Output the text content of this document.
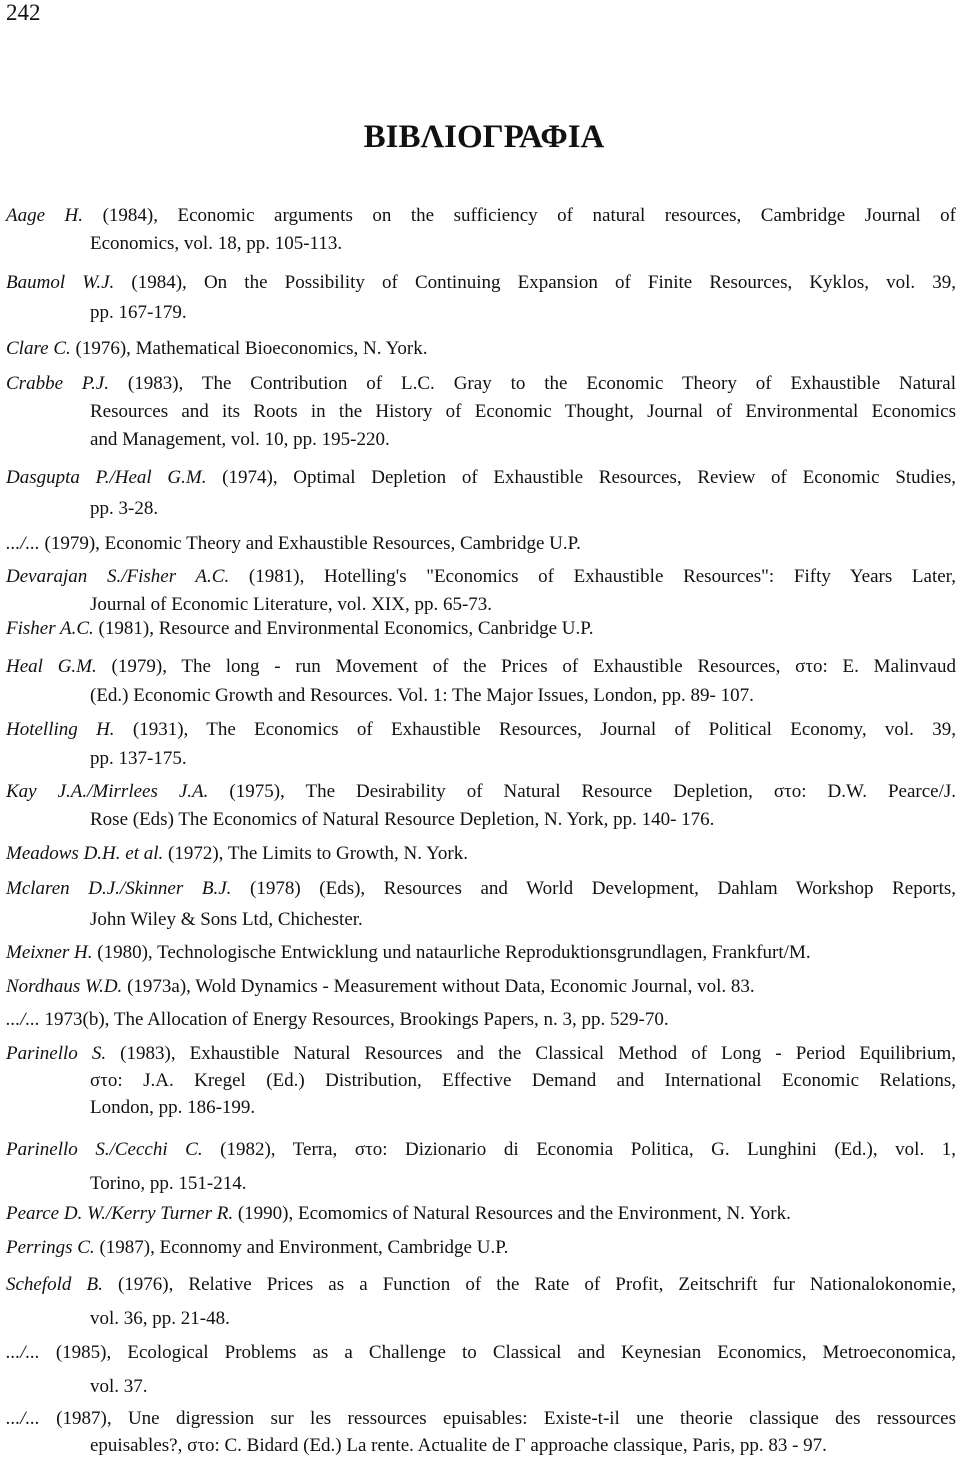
242
ΒΙΒΛΙΟΓΡΑΦΙΑ
Aage H. (1984), Economic arguments on the sufficiency of natural resources, Cambridge Journal of
Economics, vol. 18, pp. 105-113.
Baumol W.J. (1984), On the Possibility of Continuing Expansion of Finite Resources, Kyklos, vol. 39,
pp. 167-179.
Clare C. (1976), Mathematical Bioeconomics, N. York.
Crabbe P.J. (1983), The Contribution of L.C. Gray to the Economic Theory of Exhaustible Natural
Resources and its Roots in the History of Economic Thought, Journal of Environmental Economics
and Management, vol. 10, pp. 195-220.
Dasgupta P./Heal G.M. (1974), Optimal Depletion of Exhaustible Resources, Review of Economic Studies,
pp. 3-28.
.../... (1979), Economic Theory and Exhaustible Resources, Cambridge U.P.
Devarajan S./Fisher A.C. (1981), Hotelling's "Economics of Exhaustible Resources": Fifty Years Later,
Journal of Economic Literature, vol. XIX, pp. 65-73.
Fisher A.C. (1981), Resource and Environmental Economics, Canbridge U.P.
Heal G.M. (1979), The long - run Movement of the Prices of Exhaustible Resources, στο: E. Malinvaud
(Ed.) Economic Growth and Resources. Vol. 1: The Major Issues, London, pp. 89- 107.
Hotelling H. (1931), The Economics of Exhaustible Resources, Journal of Political Economy, vol. 39,
pp. 137-175.
Kay J.A./Mirrlees J.A. (1975), The Desirability of Natural Resource Depletion, στο: D.W. Pearce/J.
Rose (Eds) The Economics of Natural Resource Depletion, N. York, pp. 140- 176.
Meadows D.H. et al. (1972), The Limits to Growth, N. York.
Mclaren D.J./Skinner B.J. (1978) (Eds), Resources and World Development, Dahlam Workshop Reports,
John Wiley & Sons Ltd, Chichester.
Meixner H. (1980), Technologische Entwicklung und nataurliche Reproduktionsgrundlagen, Frankfurt/M.
Nordhaus W.D. (1973a), Wold Dynamics - Measurement without Data, Economic Journal, vol. 83.
.../... 1973(b), The Allocation of Energy Resources, Brookings Papers, n. 3, pp. 529-70.
Parinello S. (1983), Exhaustible Natural Resources and the Classical Method of Long - Period Equilibrium,
στο: J.A. Kregel (Ed.) Distribution, Effective Demand and International Economic Relations,
London, pp. 186-199.
Parinello S./Cecchi C. (1982), Terra, στο: Dizionario di Economia Politica, G. Lunghini (Ed.), vol. 1,
Torino, pp. 151-214.
Pearce D. W./Kerry Turner R. (1990), Ecomomics of Natural Resources and the Environment, N. York.
Perrings C. (1987), Econnomy and Environment, Cambridge U.P.
Schefold B. (1976), Relative Prices as a Function of the Rate of Profit, Zeitschrift fur Nationalokonomie,
vol. 36, pp. 21-48.
.../... (1985), Ecological Problems as a Challenge to Classical and Keynesian Economics, Metroeconomica,
vol. 37.
.../... (1987), Une digression sur les ressources epuisables: Existe-t-il une theorie classique des ressources
epuisables?, στο: C. Bidard (Ed.) La rente. Actualite de Γ approache classique, Paris, pp. 83 - 97.
